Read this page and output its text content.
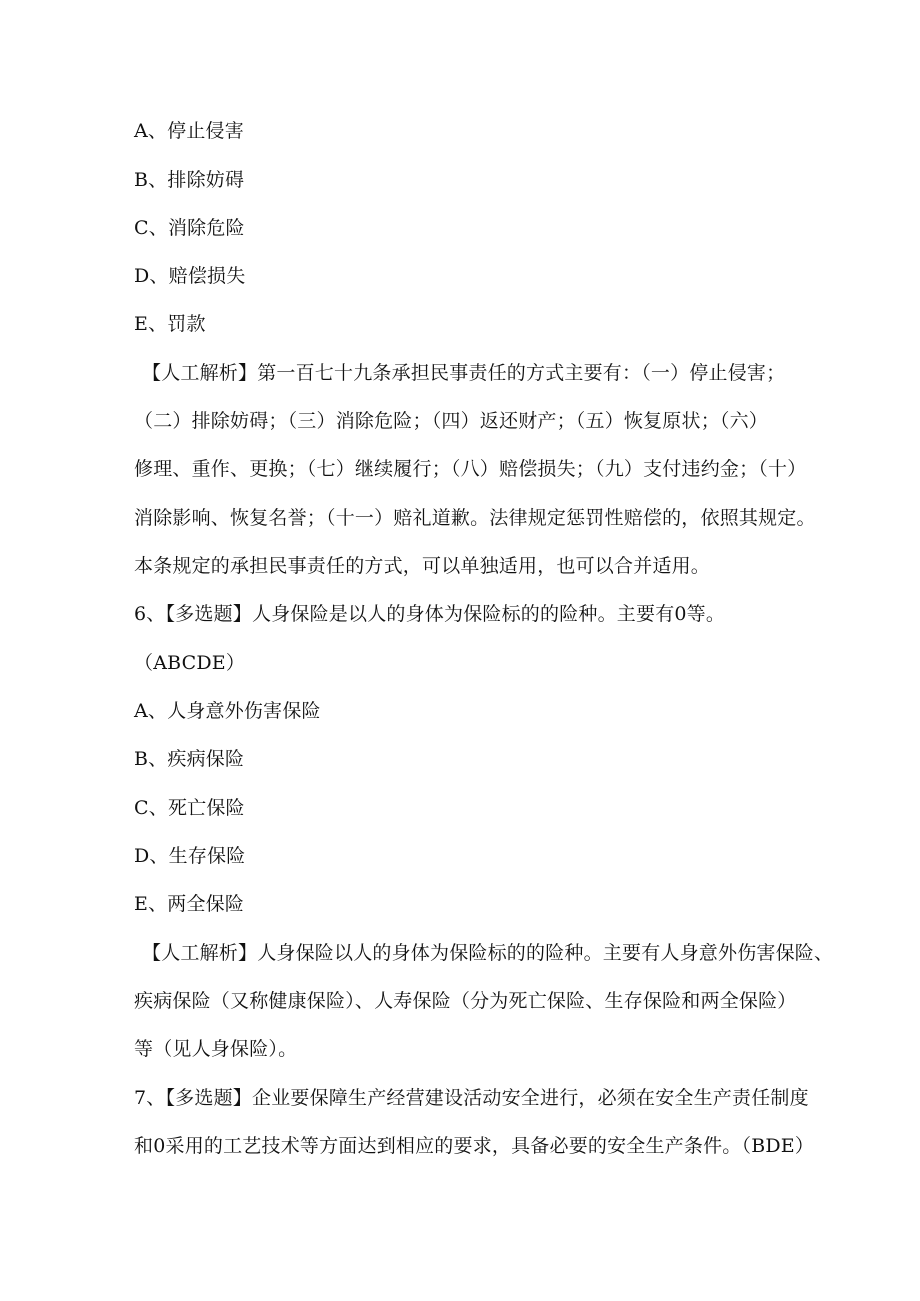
A、停止侵害
B、排除妨碍
C、消除危险
D、赔偿损失
E、罚款
【人工解析】第一百七十九条承担民事责任的方式主要有：（一）停止侵害；
（二）排除妨碍；（三）消除危险；（四）返还财产；（五）恢复原状；（六）
修理、重作、更换；（七）继续履行；（八）赔偿损失；（九）支付违约金；（十）
消除影响、恢复名誉；（十一）赔礼道歉。法律规定惩罚性赔偿的，依照其规定。
本条规定的承担民事责任的方式，可以单独适用，也可以合并适用。
6、【多选题】人身保险是以人的身体为保险标的的险种。主要有0等。
（ABCDE）
A、人身意外伤害保险
B、疾病保险
C、死亡保险
D、生存保险
E、两全保险
【人工解析】人身保险以人的身体为保险标的的险种。主要有人身意外伤害保险、
疾病保险（又称健康保险）、人寿保险（分为死亡保险、生存保险和两全保险）
等（见人身保险）。
7、【多选题】企业要保障生产经营建设活动安全进行，必须在安全生产责任制度
和0采用的工艺技术等方面达到相应的要求，具备必要的安全生产条件。（BDE）
